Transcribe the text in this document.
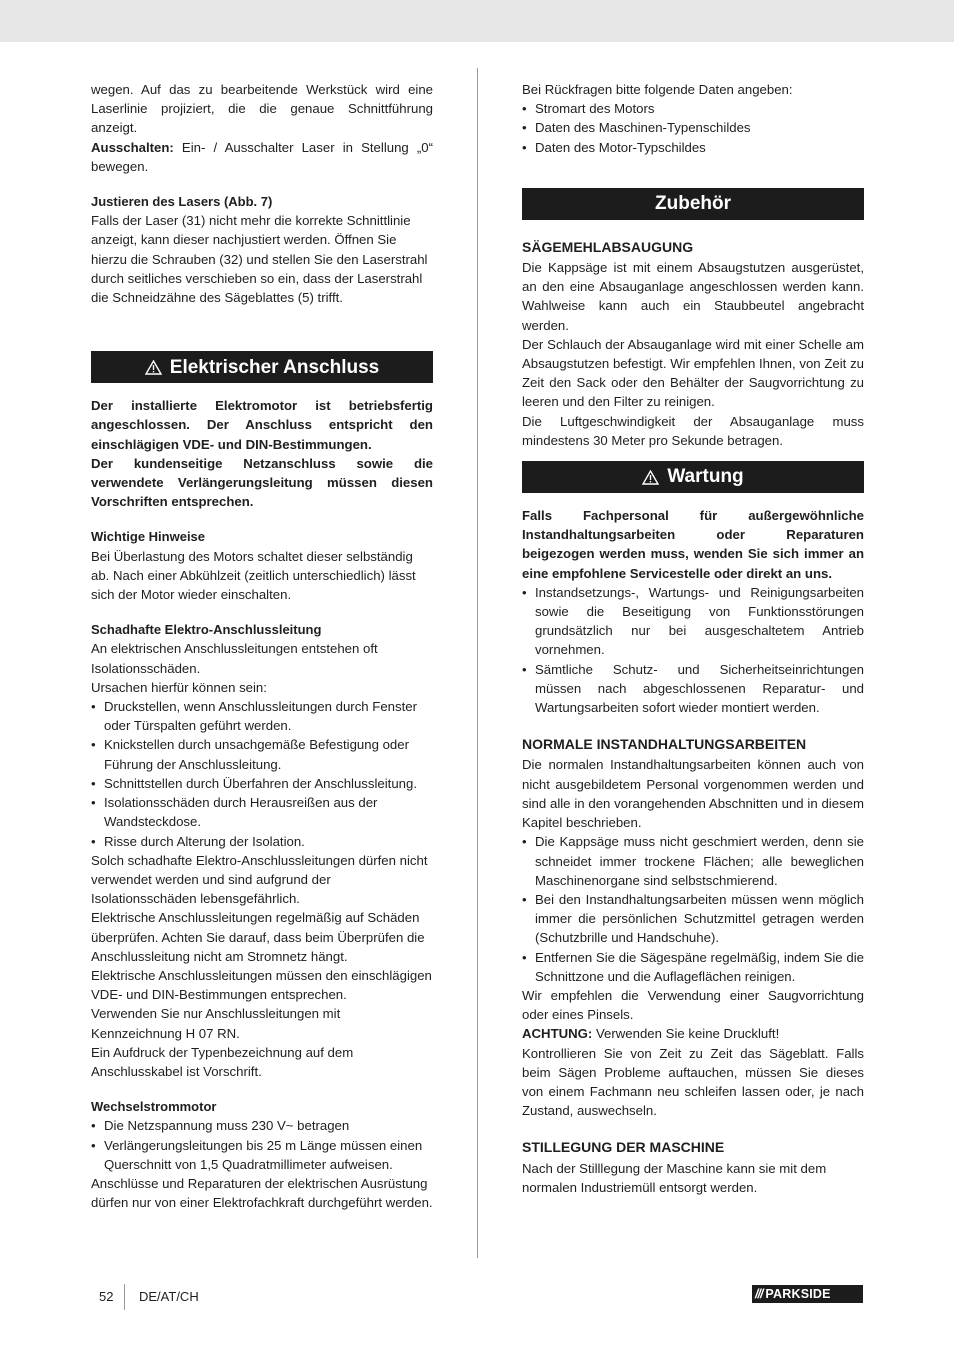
wegen. Auf das zu bearbeitende Werkstück wird eine Laserlinie projiziert, die die genaue Schnittführung anzeigt.

Ausschalten: Ein- / Ausschalter Laser in Stellung „0“ bewegen.

Justieren des Lasers (Abb. 7)

Falls der Laser (31) nicht mehr die korrekte Schnittlinie anzeigt, kann dieser nachjustiert werden. Öffnen Sie hierzu die Schrauben (32) und stellen Sie den Laserstrahl durch seitliches verschieben so ein, dass der Laserstrahl die Schneidzähne des Sägeblattes (5) trifft.

Elektrischer Anschluss

Der installierte Elektromotor ist betriebsfertig angeschlossen. Der Anschluss entspricht den einschlägigen VDE- und DIN-Bestimmungen.

Der kundenseitige Netzanschluss sowie die verwendete Verlängerungsleitung müssen diesen Vorschriften entsprechen.

Wichtige Hinweise

Bei Überlastung des Motors schaltet dieser selbständig ab. Nach einer Abkühlzeit (zeitlich unterschiedlich) lässt sich der Motor wieder einschalten.

Schadhafte Elektro-Anschlussleitung

An elektrischen Anschlussleitungen entstehen oft Isolationsschäden.

Ursachen hierfür können sein:

• Druckstellen, wenn Anschlussleitungen durch Fenster oder Türspalten geführt werden.
• Knickstellen durch unsachgemäße Befestigung oder Führung der Anschlussleitung.
• Schnittstellen durch Überfahren der Anschlussleitung.
• Isolationsschäden durch Herausreißen aus der Wandsteckdose.
• Risse durch Alterung der Isolation.

Solch schadhafte Elektro-Anschlussleitungen dürfen nicht verwendet werden und sind aufgrund der Isolationsschäden lebensgefährlich.

Elektrische Anschlussleitungen regelmäßig auf Schäden überprüfen. Achten Sie darauf, dass beim Überprüfen die Anschlussleitung nicht am Stromnetz hängt.

Elektrische Anschlussleitungen müssen den einschlägigen VDE- und DIN-Bestimmungen entsprechen.

Verwenden Sie nur Anschlussleitungen mit Kennzeichnung H 07 RN.

Ein Aufdruck der Typenbezeichnung auf dem Anschlusskabel ist Vorschrift.

Wechselstrommotor

• Die Netzspannung muss 230 V~ betragen
• Verlängerungsleitungen bis 25 m Länge müssen einen Querschnitt von 1,5 Quadratmillimeter aufweisen.

Anschlüsse und Reparaturen der elektrischen Ausrüstung dürfen nur von einer Elektrofachkraft durchgeführt werden.

Bei Rückfragen bitte folgende Daten angeben:

• Stromart des Motors
• Daten des Maschinen-Typenschildes
• Daten des Motor-Typschildes
Zubehör

SÄGEMEHLABSAUGUNG

Die Kappsäge ist mit einem Absaugstutzen ausgerüstet, an den eine Absauganlage angeschlossen werden kann. Wahlweise kann auch ein Staubbeutel angebracht werden.

Der Schlauch der Absauganlage wird mit einer Schelle am Absaugstutzen befestigt. Wir empfehlen Ihnen, von Zeit zu Zeit den Sack oder den Behälter der Saugvorrichtung zu leeren und den Filter zu reinigen.

Die Luftgeschwindigkeit der Absauganlage muss mindestens 30 Meter pro Sekunde betragen.

Wartung

Falls Fachpersonal für außergewöhnliche Instandhaltungsarbeiten oder Reparaturen beigezogen werden muss, wenden Sie sich immer an eine empfohlene Servicestelle oder direkt an uns.

• Instandsetzungs-, Wartungs- und Reinigungsarbeiten sowie die Beseitigung von Funktionsstörungen grundsätzlich nur bei ausgeschaltetem Antrieb vornehmen.
• Sämtliche Schutz- und Sicherheitseinrichtungen müssen nach abgeschlossenen Reparatur- und Wartungsarbeiten sofort wieder montiert werden.

NORMALE INSTANDHALTUNGSARBEITEN

Die normalen Instandhaltungsarbeiten können auch von nicht ausgebildetem Personal vorgenommen werden und sind alle in den vorangehenden Abschnitten und in diesem Kapitel beschrieben.

• Die Kappsäge muss nicht geschmiert werden, denn sie schneidet immer trockene Flächen; alle beweglichen Maschinenorgane sind selbstschmierend.
• Bei den Instandhaltungsarbeiten müssen wenn möglich immer die persönlichen Schutzmittel getragen werden (Schutzbrille und Handschuhe).
• Entfernen Sie die Sägespäne regelmäßig, indem Sie die Schnittzone und die Auflageflächen reinigen.

Wir empfehlen die Verwendung einer Saugvorrichtung oder eines Pinsels.

ACHTUNG: Verwenden Sie keine Druckluft!

Kontrollieren Sie von Zeit zu Zeit das Sägeblatt. Falls beim Sägen Probleme auftauchen, müssen Sie dieses von einem Fachmann neu schleifen lassen oder, je nach Zustand, auswechseln.

STILLEGUNG DER MASCHINE

Nach der Stilllegung der Maschine kann sie mit dem normalen Industriemüll entsorgt werden.

52 DE/AT/CH	/// PARKSIDE
